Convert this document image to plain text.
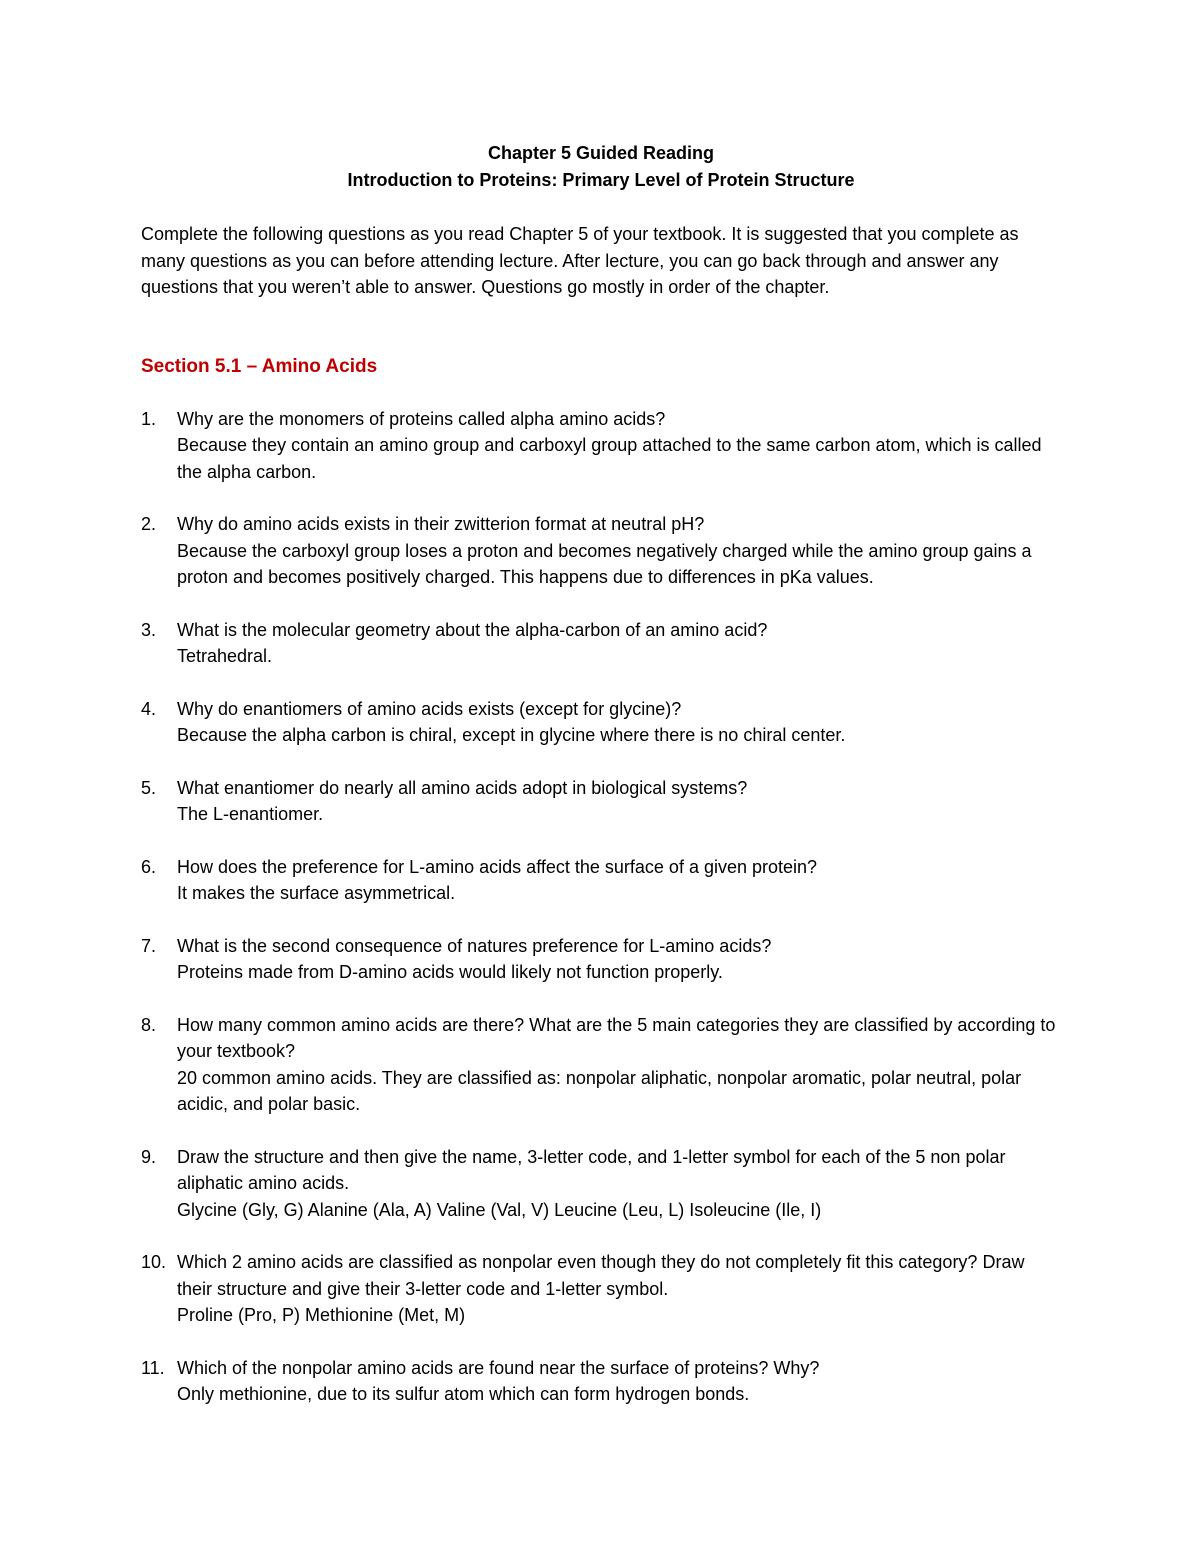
Chapter 5 Guided Reading

Introduction to Proteins: Primary Level of Protein Structure

Complete the following questions as you read Chapter 5 of your textbook. It is suggested that you complete as many questions as you can before attending lecture. After lecture, you can go back through and answer any questions that you weren’t able to answer. Questions go mostly in order of the chapter.

Section 5.1 – Amino Acids

1. Why are the monomers of proteins called alpha amino acids?
Because they contain an amino group and carboxyl group attached to the same carbon atom, which is called the alpha carbon.
2. Why do amino acids exists in their zwitterion format at neutral pH?
Because the carboxyl group loses a proton and becomes negatively charged while the amino group gains a proton and becomes positively charged. This happens due to differences in pKa values.
3. What is the molecular geometry about the alpha-carbon of an amino acid?
Tetrahedral.
4. Why do enantiomers of amino acids exists (except for glycine)?
Because the alpha carbon is chiral, except in glycine where there is no chiral center.
5. What enantiomer do nearly all amino acids adopt in biological systems?
The L-enantiomer.
6. How does the preference for L-amino acids affect the surface of a given protein?
It makes the surface asymmetrical.
7. What is the second consequence of natures preference for L-amino acids?
Proteins made from D-amino acids would likely not function properly.
8. How many common amino acids are there? What are the 5 main categories they are classified by according to your textbook?
20 common amino acids. They are classified as: nonpolar aliphatic, nonpolar aromatic, polar neutral, polar acidic, and polar basic.
9. Draw the structure and then give the name, 3-letter code, and 1-letter symbol for each of the 5 non polar aliphatic amino acids.
Glycine (Gly, G) Alanine (Ala, A) Valine (Val, V) Leucine (Leu, L) Isoleucine (Ile, I)
10. Which 2 amino acids are classified as nonpolar even though they do not completely fit this category? Draw their structure and give their 3-letter code and 1-letter symbol.
Proline (Pro, P) Methionine (Met, M)
11. Which of the nonpolar amino acids are found near the surface of proteins? Why?
Only methionine, due to its sulfur atom which can form hydrogen bonds.
